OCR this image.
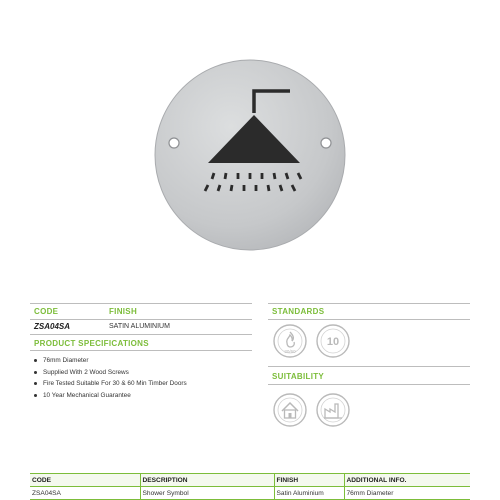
CODE	FINISH
ZSA04SA	SATIN ALUMINIUM
PRODUCT SPECIFICATIONS
76mm Diameter
Supplied With 2 Wood Screws
Fire Tested Suitable For 30 & 60 Min Timber Doors
10 Year Mechanical Guarantee
STANDARDS
30/60
10
SUITABILITY
CODE	DESCRIPTION	FINISH	ADDITIONAL INFO.
ZSA04SA	Shower Symbol	Satin Aluminium	76mm Diameter
